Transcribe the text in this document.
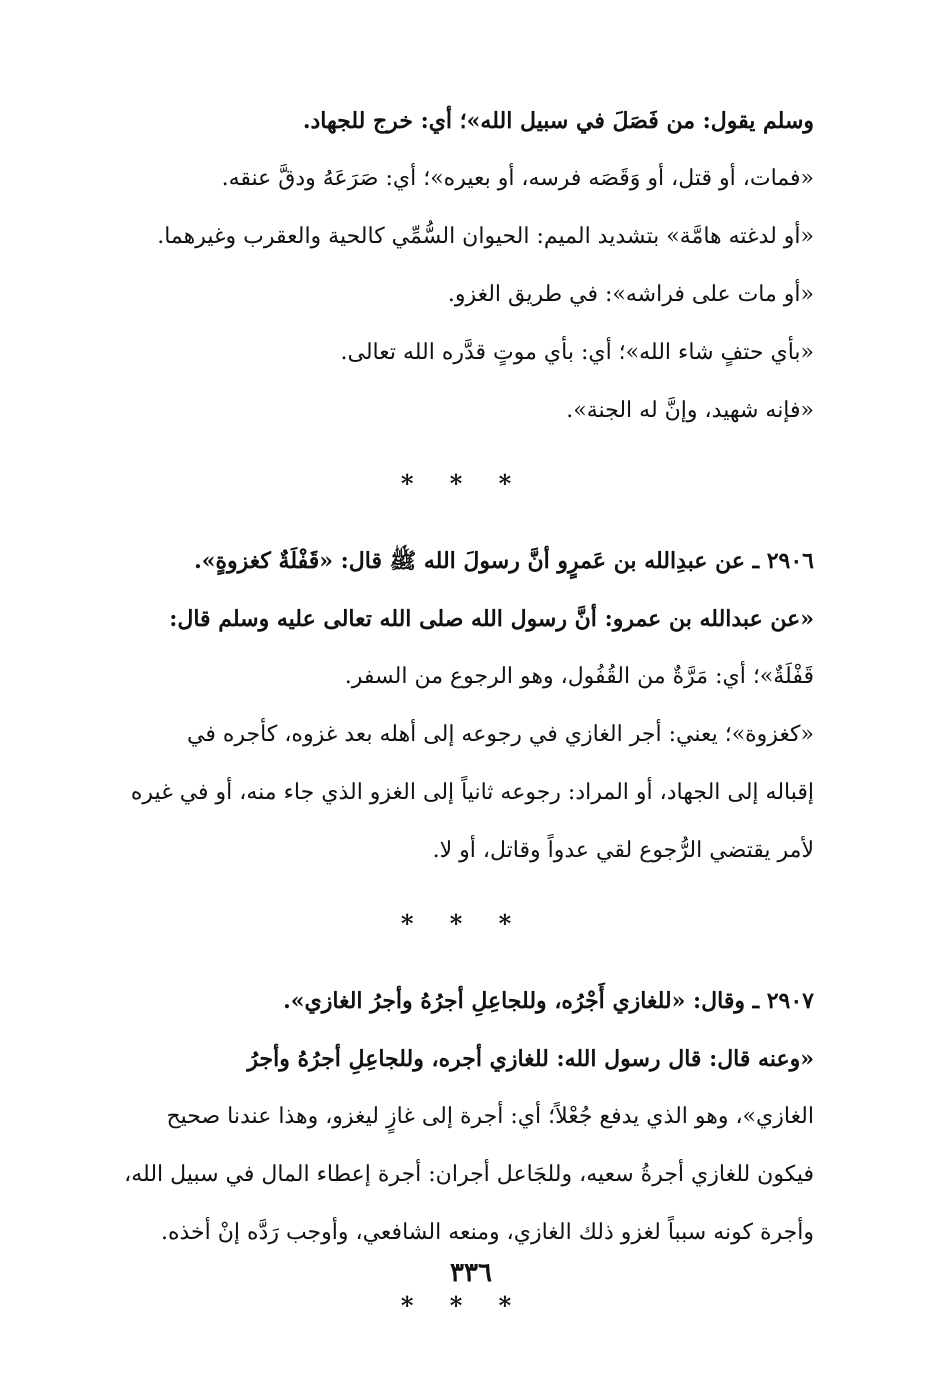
وسلم يقول: من فَصَلَ في سبيل الله»؛ أي: خرج للجهاد.
«فمات، أو قتل، أو وَقَصَه فرسه، أو بعيره»؛ أي: صَرَعَهُ ودقَّ عنقه.
«أو لدغته هامَّة» بتشديد الميم: الحيوان السُّمِّي كالحية والعقرب وغيرهما.
«أو مات على فراشه»: في طريق الغزو.
«بأي حتفٍ شاء الله»؛ أي: بأي موتٍ قدَّره الله تعالى.
«فإنه شهيد، وإنَّ له الجنة».
* * *
٢٩٠٦ ـ عن عبدِالله بن عَمرٍو أنَّ رسولَ الله ﷺ قال: «قَفْلَةٌ كغزوةٍ».
«عن عبدالله بن عمرو: أنَّ رسول الله صلى الله تعالى عليه وسلم قال:
قَفْلَةٌ»؛ أي: مَرَّةٌ من القُفُول، وهو الرجوع من السفر.
«كغزوة»؛ يعني: أجر الغازي في رجوعه إلى أهله بعد غزوه، كأجره في
إقباله إلى الجهاد، أو المراد: رجوعه ثانياً إلى الغزو الذي جاء منه، أو في غيره
لأمر يقتضي الرُّجوع لقي عدواً وقاتل، أو لا.
* * *
٢٩٠٧ ـ وقال: «للغازي أَجْرُه، وللجاعِلِ أجرُهُ وأجرُ الغازي».
«وعنه قال: قال رسول الله: للغازي أجره، وللجاعِلِ أجرُهُ وأجرُ
الغازي»، وهو الذي يدفع جُعْلاً؛ أي: أجرة إلى غازٍ ليغزو، وهذا عندنا صحيح
فيكون للغازي أجرةُ سعيه، وللجَاعل أجران: أجرة إعطاء المال في سبيل الله،
وأجرة كونه سبباً لغزو ذلك الغازي، ومنعه الشافعي، وأوجب رَدَّه إنْ أخذه.
* * *
٣٣٦
